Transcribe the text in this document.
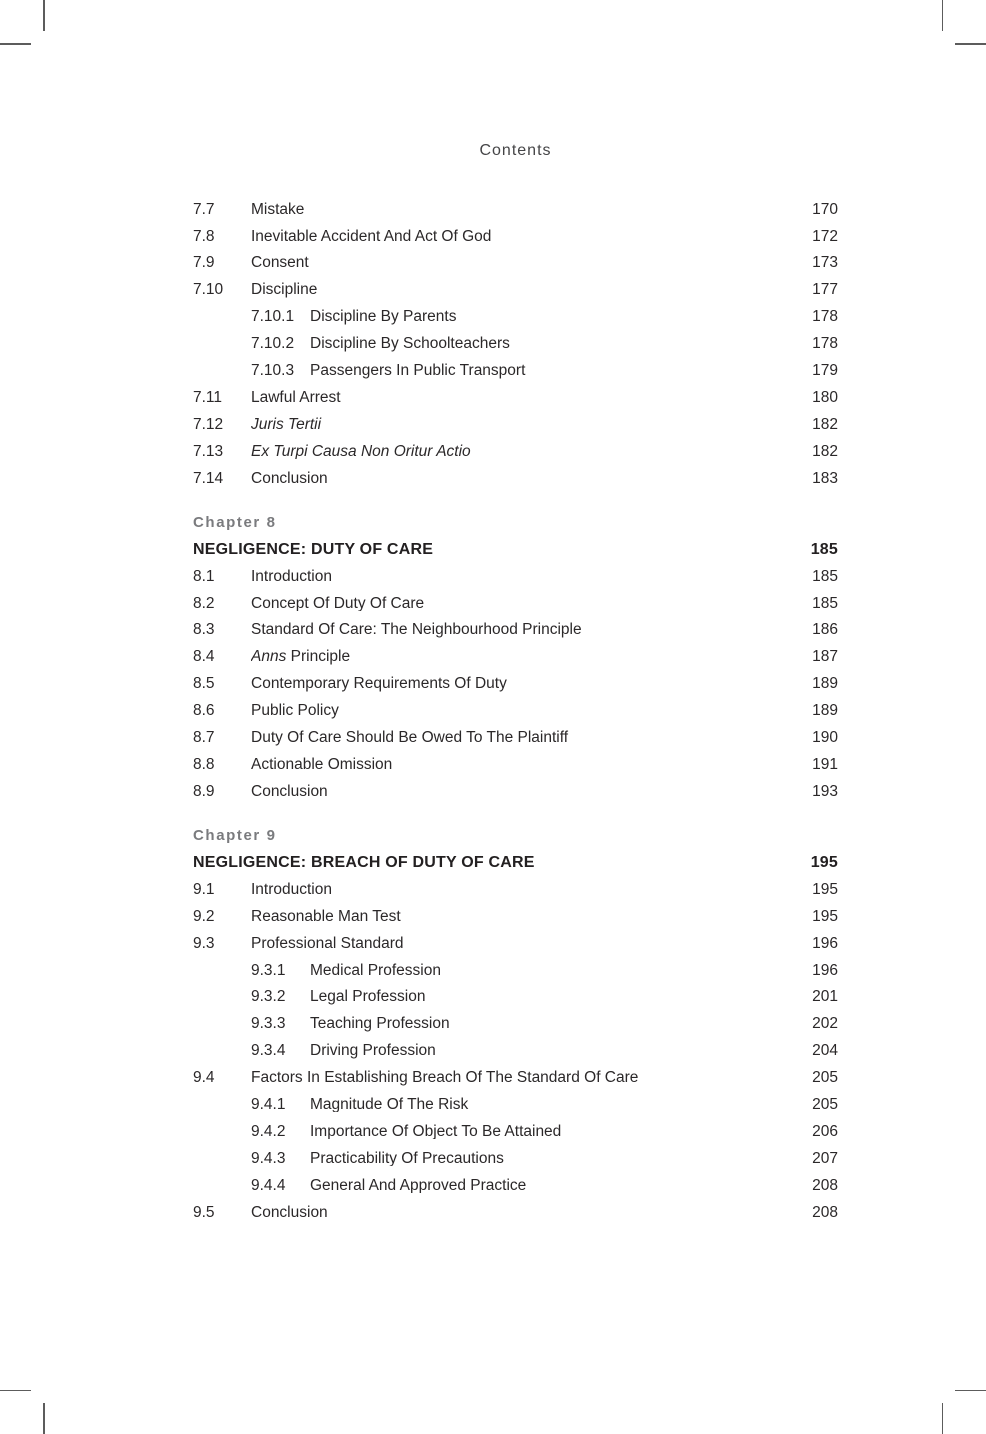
Contents
7.7	Mistake	170
7.8	Inevitable Accident And Act Of God	172
7.9	Consent	173
7.10	Discipline	177
7.10.1	Discipline By Parents	178
7.10.2	Discipline By Schoolteachers	178
7.10.3	Passengers In Public Transport	179
7.11	Lawful Arrest	180
7.12	Juris Tertii	182
7.13	Ex Turpi Causa Non Oritur Actio	182
7.14	Conclusion	183
Chapter 8
NEGLIGENCE: DUTY OF CARE	185
8.1	Introduction	185
8.2	Concept Of Duty Of Care	185
8.3	Standard Of Care: The Neighbourhood Principle	186
8.4	Anns Principle	187
8.5	Contemporary Requirements Of Duty	189
8.6	Public Policy	189
8.7	Duty Of Care Should Be Owed To The Plaintiff	190
8.8	Actionable Omission	191
8.9	Conclusion	193
Chapter 9
NEGLIGENCE: BREACH OF DUTY OF CARE	195
9.1	Introduction	195
9.2	Reasonable Man Test	195
9.3	Professional Standard	196
9.3.1	Medical Profession	196
9.3.2	Legal Profession	201
9.3.3	Teaching Profession	202
9.3.4	Driving Profession	204
9.4	Factors In Establishing Breach Of The Standard Of Care	205
9.4.1	Magnitude Of The Risk	205
9.4.2	Importance Of Object To Be Attained	206
9.4.3	Practicability Of Precautions	207
9.4.4	General And Approved Practice	208
9.5	Conclusion	208
